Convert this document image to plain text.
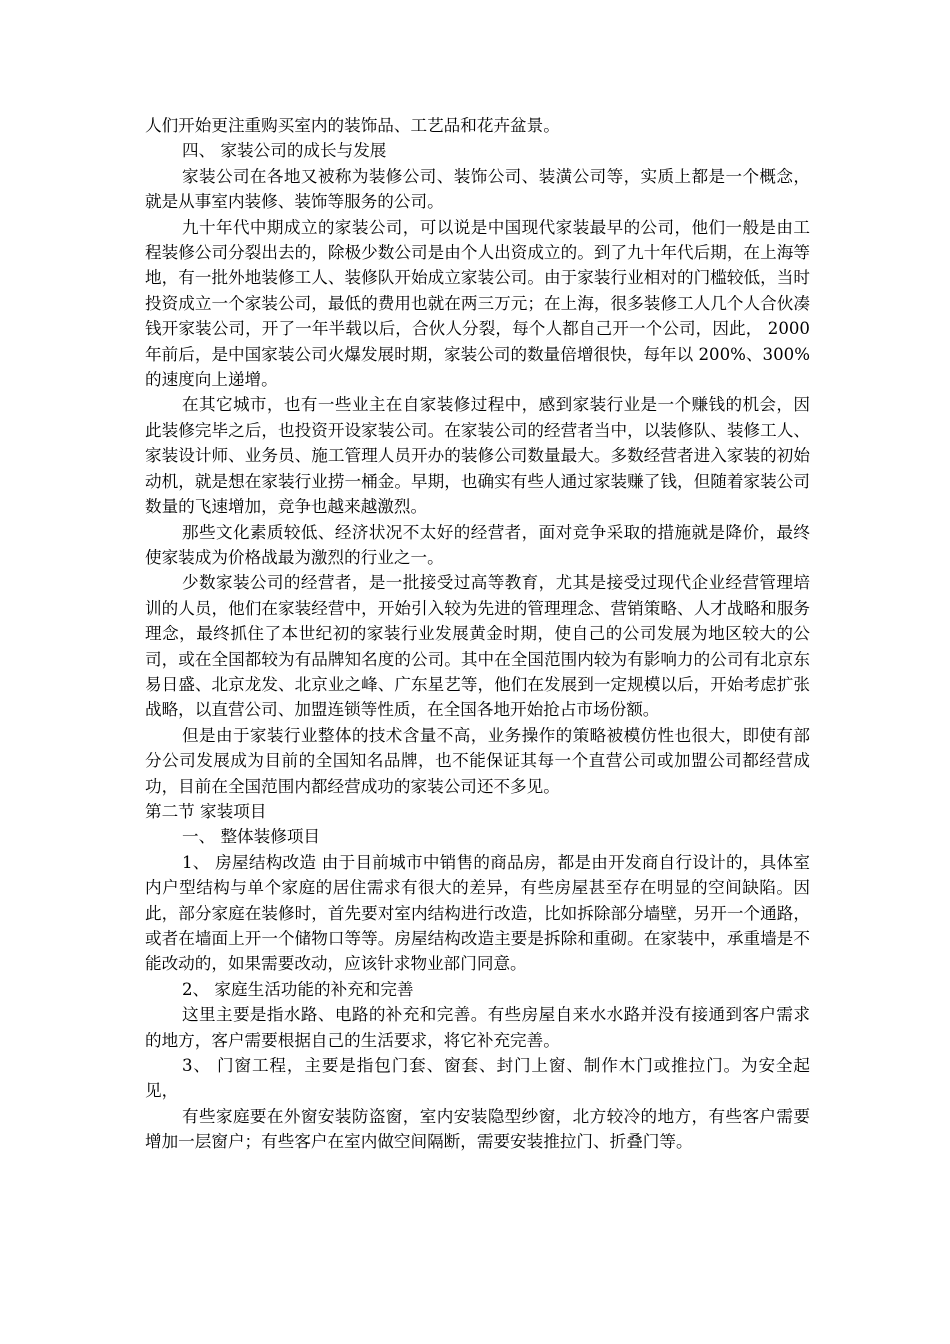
人们开始更注重购买室内的装饰品、工艺品和花卉盆景。

四、 家装公司的成长与发展

家装公司在各地又被称为装修公司、装饰公司、装潢公司等，实质上都是一个概念，就是从事室内装修、装饰等服务的公司。

九十年代中期成立的家装公司，可以说是中国现代家装最早的公司，他们一般是由工程装修公司分裂出去的，除极少数公司是由个人出资成立的。到了九十年代后期，在上海等地，有一批外地装修工人、装修队开始成立家装公司。由于家装行业相对的门槛较低，当时投资成立一个家装公司，最低的费用也就在两三万元；在上海，很多装修工人几个人合伙凑钱开家装公司，开了一年半载以后，合伙人分裂，每个人都自己开一个公司，因此， 2000 年前后，是中国家装公司火爆发展时期，家装公司的数量倍增很快，每年以 200%、300%的速度向上递增。

在其它城市，也有一些业主在自家装修过程中，感到家装行业是一个赚钱的机会，因此装修完毕之后，也投资开设家装公司。在家装公司的经营者当中，以装修队、装修工人、家装设计师、业务员、施工管理人员开办的装修公司数量最大。多数经营者进入家装的初始动机，就是想在家装行业捞一桶金。早期，也确实有些人通过家装赚了钱，但随着家装公司数量的飞速增加，竞争也越来越激烈。

那些文化素质较低、经济状况不太好的经营者，面对竞争采取的措施就是降价，最终使家装成为价格战最为激烈的行业之一。

少数家装公司的经营者，是一批接受过高等教育，尤其是接受过现代企业经营管理培训的人员，他们在家装经营中，开始引入较为先进的管理理念、营销策略、人才战略和服务理念，最终抓住了本世纪初的家装行业发展黄金时期，使自己的公司发展为地区较大的公司，或在全国都较为有品牌知名度的公司。其中在全国范围内较为有影响力的公司有北京东易日盛、北京龙发、北京业之峰、广东星艺等，他们在发展到一定规模以后，开始考虑扩张战略，以直营公司、加盟连锁等性质，在全国各地开始抢占市场份额。

但是由于家装行业整体的技术含量不高，业务操作的策略被模仿性也很大，即使有部分公司发展成为目前的全国知名品牌，也不能保证其每一个直营公司或加盟公司都经营成功，目前在全国范围内都经营成功的家装公司还不多见。

第二节 家装项目

一、 整体装修项目

1、 房屋结构改造 由于目前城市中销售的商品房，都是由开发商自行设计的，具体室内户型结构与单个家庭的居住需求有很大的差异，有些房屋甚至存在明显的空间缺陷。因此，部分家庭在装修时，首先要对室内结构进行改造，比如拆除部分墙壁，另开一个通路，或者在墙面上开一个储物口等等。房屋结构改造主要是拆除和重砌。在家装中，承重墙是不能改动的，如果需要改动，应该针求物业部门同意。

2、 家庭生活功能的补充和完善

这里主要是指水路、电路的补充和完善。有些房屋自来水水路并没有接通到客户需求的地方，客户需要根据自己的生活要求，将它补充完善。

3、 门窗工程，主要是指包门套、窗套、封门上窗、制作木门或推拉门。为安全起见，

有些家庭要在外窗安装防盗窗，室内安装隐型纱窗，北方较冷的地方，有些客户需要增加一层窗户；有些客户在室内做空间隔断，需要安装推拉门、折叠门等。
